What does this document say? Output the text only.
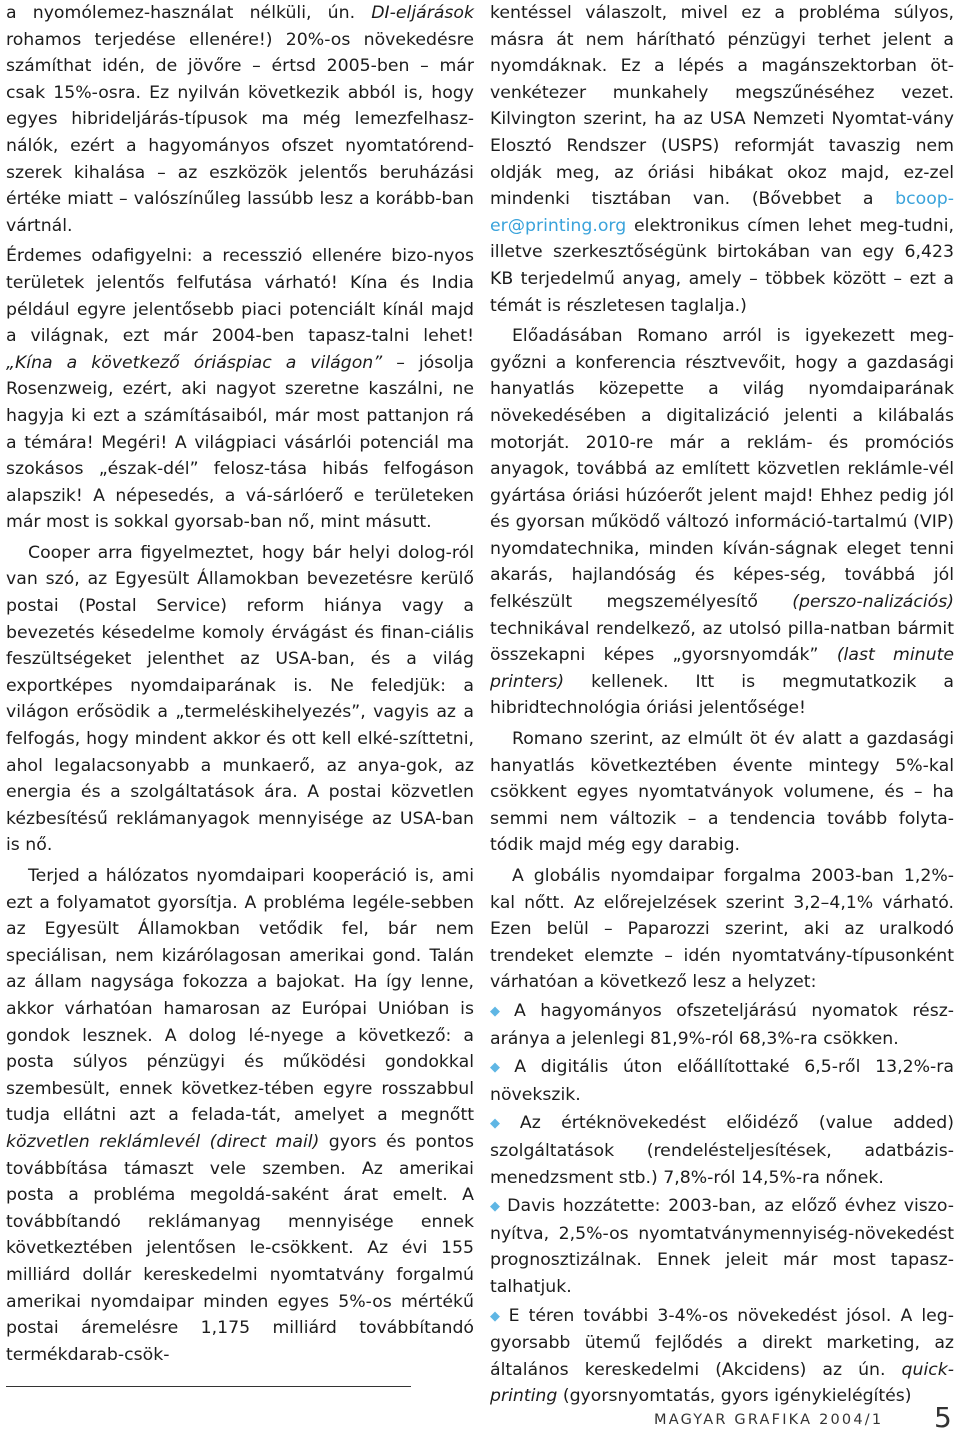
a nyomólemez-használat nélküli, ún. DI-eljárások rohamos terjedése ellenére!) 20%-os növekedésre számíthat idén, de jövőre – értsd 2005-ben – már csak 15%-osra. Ez nyilván következik abból is, hogy egyes hibrideljárás-típusok ma még lemezfelhasz-nálók, ezért a hagyományos ofszet nyomtatórend-szerek kihalása – az eszközök jelentős beruházási értéke miatt – valószínűleg lassúbb lesz a korább-ban vártnál.

Érdemes odafigyelni: a recesszió ellenére bizo-nyos területek jelentős felfutása várható! Kína és India például egyre jelentősebb piaci potenciált kínál majd a világnak, ezt már 2004-ben tapasz-talni lehet! „Kína a következő óriáspiac a világon” – jósolja Rosenzweig, ezért, aki nagyot szeretne kaszálni, ne hagyja ki ezt a számításaiból, már most pattanjon rá a témára! Megéri! A világpiaci vásárlói potenciál ma szokásos „észak-dél” felosz-tása hibás felfogáson alapszik! A népesedés, a vá-sárlóerő e területeken már most is sokkal gyorsab-ban nő, mint másutt.

Cooper arra figyelmeztet, hogy bár helyi dolog-ról van szó, az Egyesült Államokban bevezetésre kerülő postai (Postal Service) reform hiánya vagy a bevezetés késedelme komoly érvágást és finan-ciális feszültségeket jelenthet az USA-ban, és a világ exportképes nyomdaiparának is. Ne feledjük: a világon erősödik a „termeléskihelyezés”, vagyis az a felfogás, hogy mindent akkor és ott kell elké-szíttetni, ahol legalacsonyabb a munkaerő, az anya-gok, az energia és a szolgáltatások ára. A postai közvetlen kézbesítésű reklámanyagok mennyisége az USA-ban is nő.

Terjed a hálózatos nyomdaipari kooperáció is, ami ezt a folyamatot gyorsítja. A probléma legéle-sebben az Egyesült Államokban vetődik fel, bár nem speciálisan, nem kizárólagosan amerikai gond. Talán az állam nagysága fokozza a bajokat. Ha így lenne, akkor várhatóan hamarosan az Európai Unióban is gondok lesznek. A dolog lé-nyege a következő: a posta súlyos pénzügyi és működési gondokkal szembesült, ennek következ-tében egyre rosszabbul tudja ellátni azt a felada-tát, amelyet a megnőtt közvetlen reklámlevél (direct mail) gyors és pontos továbbítása támaszt vele szemben. Az amerikai posta a probléma megoldá-saként árat emelt. A továbbítandó reklámanyag mennyisége ennek következtében jelentősen le-csökkent. Az évi 155 milliárd dollár kereskedelmi nyomtatvány forgalmú amerikai nyomdaipar minden egyes 5%-os mértékű postai áremelésre 1,175 milliárd továbbítandó termékdarab-csök-

kentéssel válaszolt, mivel ez a probléma súlyos, másra át nem hárítható pénzügyi terhet jelent a nyomdáknak. Ez a lépés a magánszektorban öt-venkétezer munkahely megszűnéséhez vezet. Kilvington szerint, ha az USA Nemzeti Nyomtat-vány Elosztó Rendszer (USPS) reformját tavaszig nem oldják meg, az óriási hibákat okoz majd, ez-zel mindenki tisztában van. (Bővebbet a bcoop-er@printing.org elektronikus címen lehet meg-tudni, illetve szerkesztőségünk birtokában van egy 6,423 KB terjedelmű anyag, amely – többek között – ezt a témát is részletesen taglalja.)

Előadásában Romano arról is igyekezett meg-győzni a konferencia résztvevőit, hogy a gazdasági hanyatlás közepette a világ nyomdaiparának növekedésében a digitalizáció jelenti a kilábalás motorját. 2010-re már a reklám- és promóciós anyagok, továbbá az említett közvetlen reklámle-vél gyártása óriási húzóerőt jelent majd! Ehhez pedig jól és gyorsan működő változó információ-tartalmú (VIP) nyomdatechnika, minden kíván-ságnak eleget tenni akarás, hajlandóság és képes-ség, továbbá jól felkészült megszemélyesítő (perszo-nalizációs) technikával rendelkező, az utolsó pilla-natban bármit összekapni képes „gyorsnyomdák” (last minute printers) kellenek. Itt is megmutatkozik a hibridtechnológia óriási jelentősége!

Romano szerint, az elmúlt öt év alatt a gazdasági hanyatlás következtében évente mintegy 5%-kal csökkent egyes nyomtatványok volumene, és – ha semmi nem változik – a tendencia tovább folyta-tódik majd még egy darabig.

A globális nyomdaipar forgalma 2003-ban 1,2%-kal nőtt. Az előrejelzések szerint 3,2–4,1% várható. Ezen belül – Paparozzi szerint, aki az uralkodó trendeket elemzte – idén nyomtatvány-típusonként várhatóan a következő lesz a helyzet:

◆ A hagyományos ofszeteljárású nyomatok rész-aránya a jelenlegi 81,9%-ról 68,3%-ra csökken.

◆ A digitális úton előállítottaké 6,5-ről 13,2%-ra növekszik.

◆ Az értéknövekedést előidéző (value added) szolgáltatások (rendelésteljesítések, adatbázis-menedzsment stb.) 7,8%-ról 14,5%-ra nőnek.

◆ Davis hozzátette: 2003-ban, az előző évhez viszo-nyítva, 2,5%-os nyomtatványmennyiség-növekedést prognosztizálnak. Ennek jeleit már most tapasz-talhatjuk.

◆ E téren további 3-4%-os növekedést jósol. A leg-gyorsabb ütemű fejlődés a direkt marketing, az általános kereskedelmi (Akcidens) az ún. quick-printing (gyorsnyomtatás, gyors igénykielégítés)

MAGYAR GRAFIKA 2004/1 5
